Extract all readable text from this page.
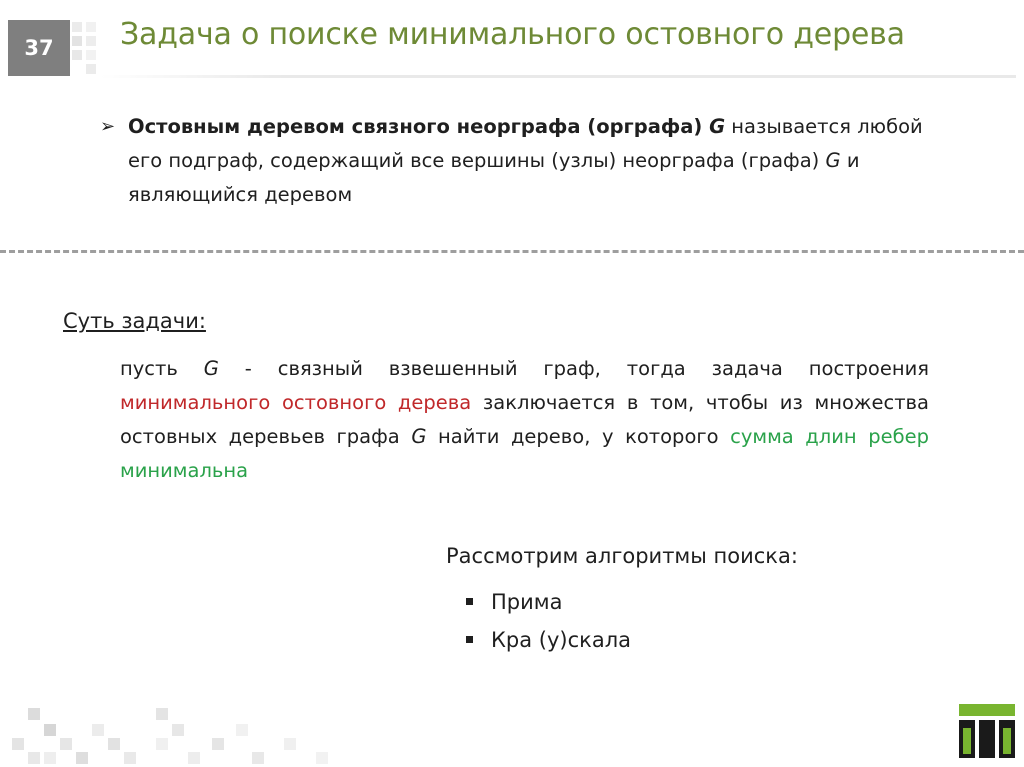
37	Задача о поиске минимального остовного дерева
➢ Остовным деревом связного неорграфа (орграфа) G называется любой его подграф, содержащий все вершины (узлы) неорграфа (графа) G и являющийся деревом
Суть задачи:
пусть G - связный взвешенный граф, тогда задача построения минимального остовного дерева заключается в том, чтобы из множества остовных деревьев графа G найти дерево, у которого сумма длин ребер минимальна
Рассмотрим алгоритмы поиска:
Прима
Кра (у)скала
